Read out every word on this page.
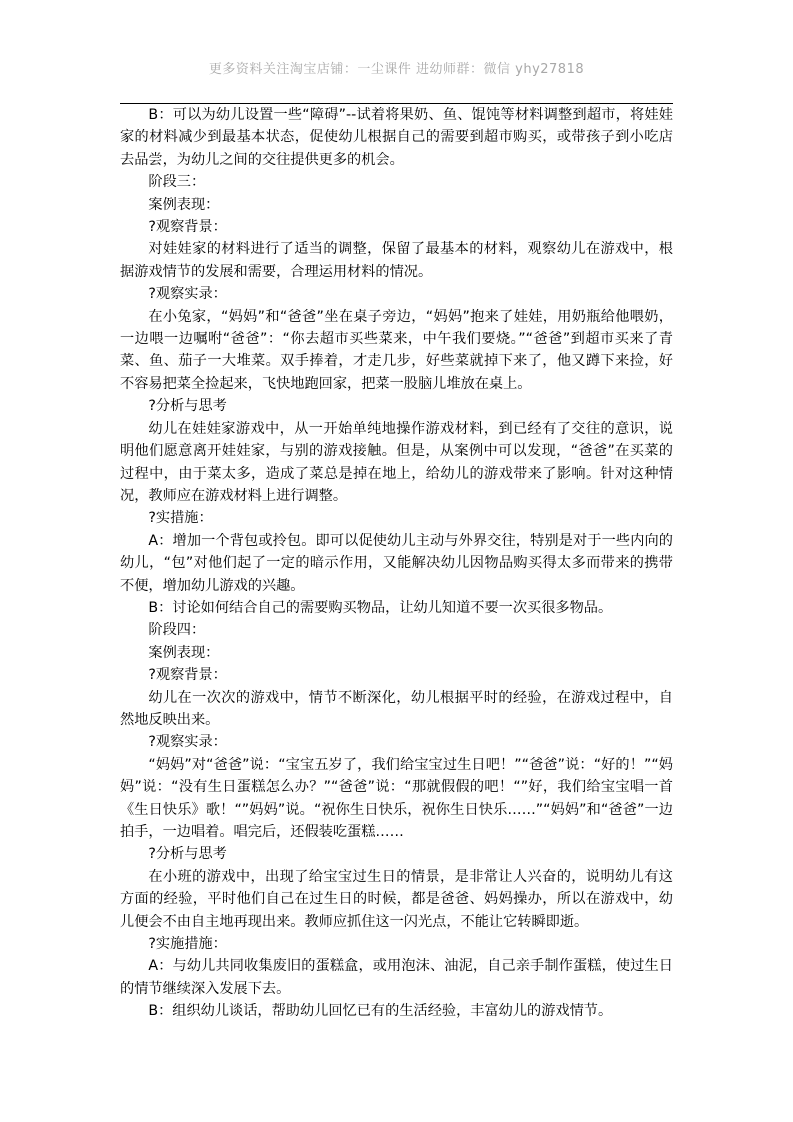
更多资料关注淘宝店铺：一尘课件 进幼师群：微信 yhy27818

B：可以为幼儿设置一些“障碍”--试着将果奶、鱼、馄饨等材料调整到超市，将娃娃家的材料减少到最基本状态，促使幼儿根据自己的需要到超市购买，或带孩子到小吃店去品尝，为幼儿之间的交往提供更多的机会。

阶段三：

案例表现：

?观察背景：

对娃娃家的材料进行了适当的调整，保留了最基本的材料，观察幼儿在游戏中，根据游戏情节的发展和需要，合理运用材料的情况。

?观察实录：

在小兔家，“妈妈”和“爸爸”坐在桌子旁边，“妈妈”抱来了娃娃，用奶瓶给他喂奶，一边喂一边嘱咐“爸爸”：“你去超市买些菜来，中午我们要烧。”“爸爸”到超市买来了青菜、鱼、茄子一大堆菜。双手捧着，才走几步，好些菜就掉下来了，他又蹲下来捡，好不容易把菜全捡起来，飞快地跑回家，把菜一股脑儿堆放在桌上。

?分析与思考

幼儿在娃娃家游戏中，从一开始单纯地操作游戏材料，到已经有了交往的意识，说明他们愿意离开娃娃家，与别的游戏接触。但是，从案例中可以发现，“爸爸”在买菜的过程中，由于菜太多，造成了菜总是掉在地上，给幼儿的游戏带来了影响。针对这种情况，教师应在游戏材料上进行调整。

?实措施：

A：增加一个背包或拎包。即可以促使幼儿主动与外界交往，特别是对于一些内向的幼儿，“包”对他们起了一定的暗示作用，又能解决幼儿因物品购买得太多而带来的携带不便，增加幼儿游戏的兴趣。

B：讨论如何结合自己的需要购买物品，让幼儿知道不要一次买很多物品。

阶段四：

案例表现：

?观察背景：

幼儿在一次次的游戏中，情节不断深化，幼儿根据平时的经验，在游戏过程中，自然地反映出来。

?观察实录：

“妈妈”对“爸爸”说：“宝宝五岁了，我们给宝宝过生日吧！”“爸爸”说：“好的！”“妈妈”说：“没有生日蛋糕怎么办？”“爸爸”说：“那就假假的吧！“”好，我们给宝宝唱一首《生日快乐》歌！“”妈妈”说。“祝你生日快乐，祝你生日快乐……”“妈妈”和“爸爸”一边拍手，一边唱着。唱完后，还假装吃蛋糕……

?分析与思考

在小班的游戏中，出现了给宝宝过生日的情景，是非常让人兴奋的，说明幼儿有这方面的经验，平时他们自己在过生日的时候，都是爸爸、妈妈操办，所以在游戏中，幼儿便会不由自主地再现出来。教师应抓住这一闪光点，不能让它转瞬即逝。

?实施措施：

A：与幼儿共同收集废旧的蛋糕盒，或用泡沫、油泥，自己亲手制作蛋糕，使过生日的情节继续深入发展下去。

B：组织幼儿谈话，帮助幼儿回忆已有的生活经验，丰富幼儿的游戏情节。
